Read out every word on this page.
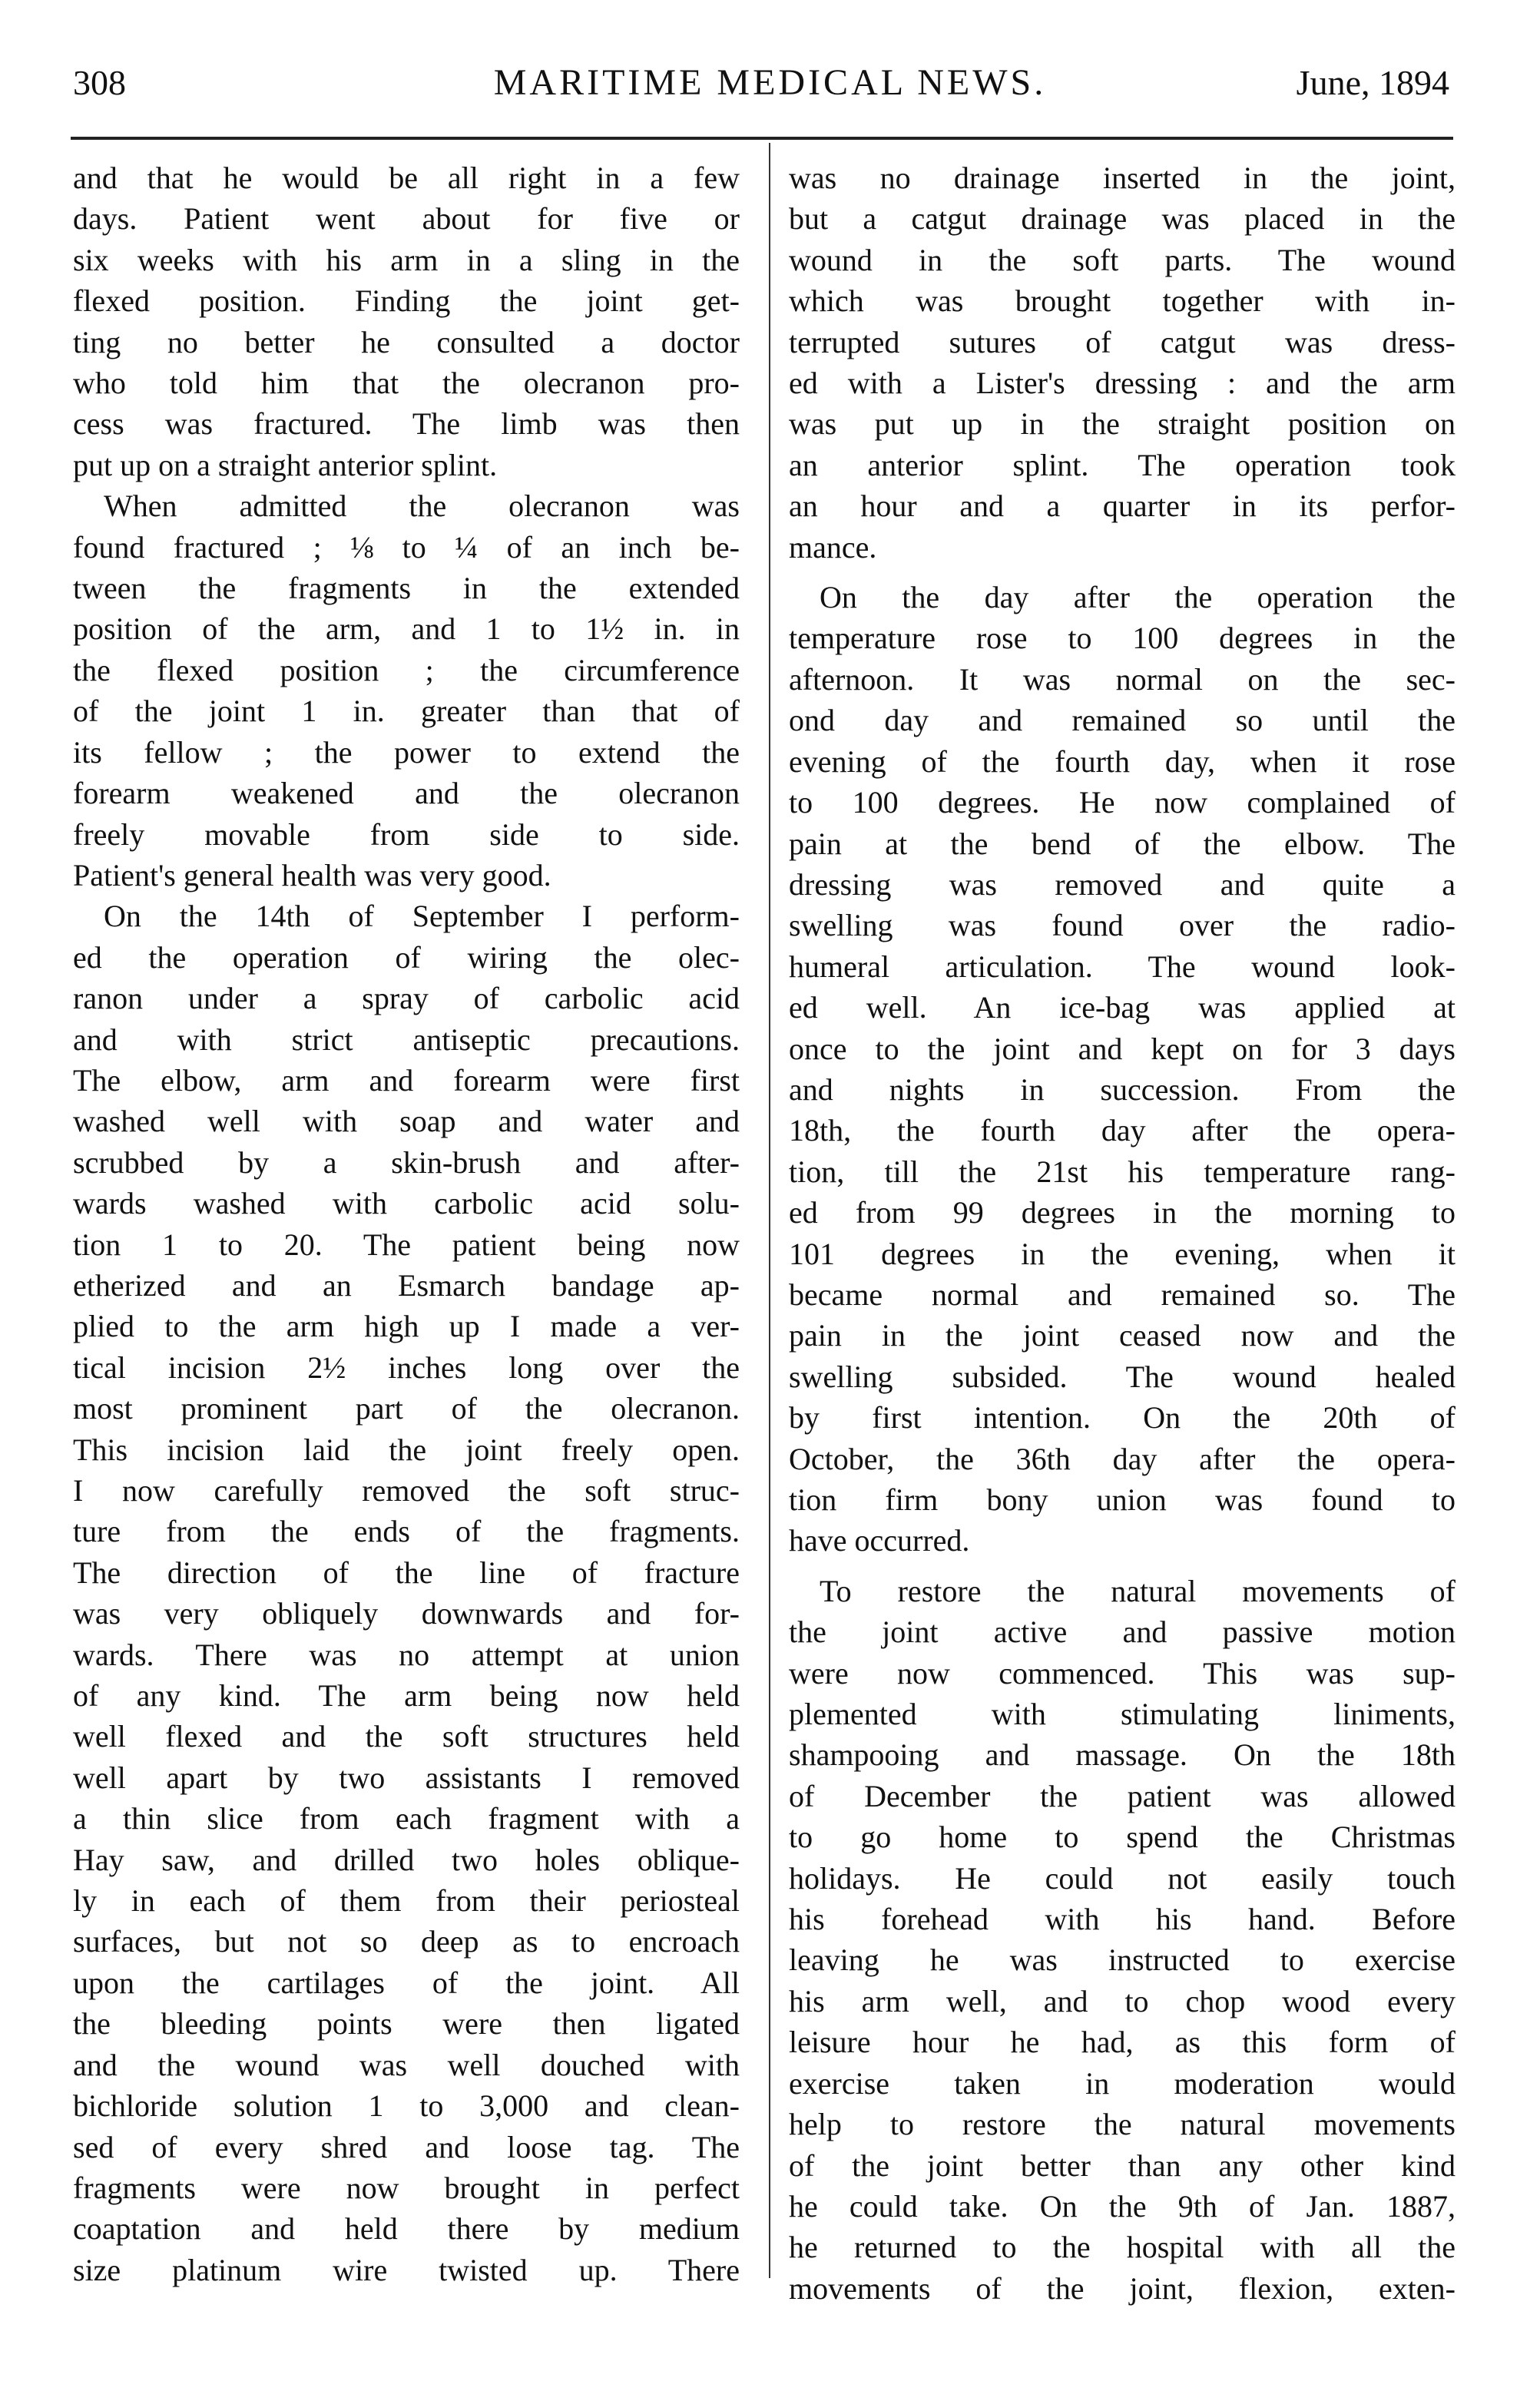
308	MARITIME MEDICAL NEWS.	June, 1894
and that he would be all right in a few
days. Patient went about for five or
six weeks with his arm in a sling in the
flexed position. Finding the joint get-
ting no better he consulted a doctor
who told him that the olecranon pro-
cess was fractured. The limb was then
put up on a straight anterior splint.
When admitted the olecranon was
found fractured ; ⅛ to ¼ of an inch be-
tween the fragments in the extended
position of the arm, and 1 to 1½ in. in
the flexed position ; the circumference
of the joint 1 in. greater than that of
its fellow ; the power to extend the
forearm weakened and the olecranon
freely movable from side to side.
Patient's general health was very good.
On the 14th of September I perform-
ed the operation of wiring the olec-
ranon under a spray of carbolic acid
and with strict antiseptic precautions.
The elbow, arm and forearm were first
washed well with soap and water and
scrubbed by a skin-brush and after-
wards washed with carbolic acid solu-
tion 1 to 20. The patient being now
etherized and an Esmarch bandage ap-
plied to the arm high up I made a ver-
tical incision 2½ inches long over the
most prominent part of the olecranon.
This incision laid the joint freely open.
I now carefully removed the soft struc-
ture from the ends of the fragments.
The direction of the line of fracture
was very obliquely downwards and for-
wards. There was no attempt at union
of any kind. The arm being now held
well flexed and the soft structures held
well apart by two assistants I removed
a thin slice from each fragment with a
Hay saw, and drilled two holes oblique-
ly in each of them from their periosteal
surfaces, but not so deep as to encroach
upon the cartilages of the joint. All
the bleeding points were then ligated
and the wound was well douched with
bichloride solution 1 to 3,000 and clean-
sed of every shred and loose tag. The
fragments were now brought in perfect
coaptation and held there by medium
size platinum wire twisted up. There
was no drainage inserted in the joint,
but a catgut drainage was placed in the
wound in the soft parts. The wound
which was brought together with in-
terrupted sutures of catgut was dress-
ed with a Lister's dressing : and the arm
was put up in the straight position on
an anterior splint. The operation took
an hour and a quarter in its perfor-
mance.
On the day after the operation the
temperature rose to 100 degrees in the
afternoon. It was normal on the sec-
ond day and remained so until the
evening of the fourth day, when it rose
to 100 degrees. He now complained of
pain at the bend of the elbow. The
dressing was removed and quite a
swelling was found over the radio-
humeral articulation. The wound look-
ed well. An ice-bag was applied at
once to the joint and kept on for 3 days
and nights in succession. From the
18th, the fourth day after the opera-
tion, till the 21st his temperature rang-
ed from 99 degrees in the morning to
101 degrees in the evening, when it
became normal and remained so. The
pain in the joint ceased now and the
swelling subsided. The wound healed
by first intention. On the 20th of
October, the 36th day after the opera-
tion firm bony union was found to
have occurred.
To restore the natural movements of
the joint active and passive motion
were now commenced. This was sup-
plemented with stimulating liniments,
shampooing and massage. On the 18th
of December the patient was allowed
to go home to spend the Christmas
holidays. He could not easily touch
his forehead with his hand. Before
leaving he was instructed to exercise
his arm well, and to chop wood every
leisure hour he had, as this form of
exercise taken in moderation would
help to restore the natural movements
of the joint better than any other kind
he could take. On the 9th of Jan. 1887,
he returned to the hospital with all the
movements of the joint, flexion, exten-
